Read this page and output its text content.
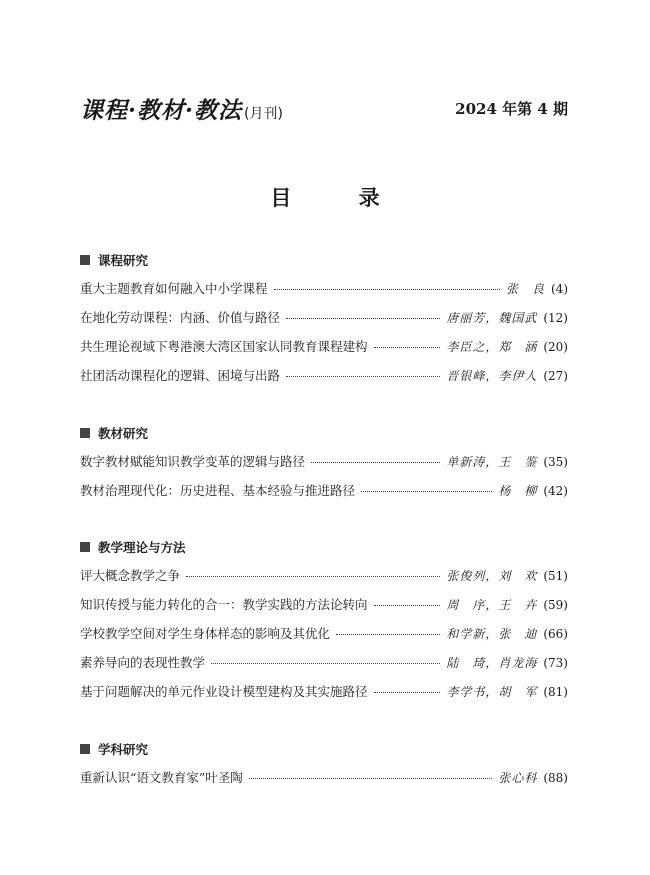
课程·教材·教法 (月刊)	2024 年第 4 期
目 录
课程研究
重大主题教育如何融入中小学课程	张　良 (4)
在地化劳动课程：内涵、价值与路径	唐丽芳，魏国武 (12)
共生理论视域下粤港澳大湾区国家认同教育课程建构	李臣之，郑　涵 (20)
社团活动课程化的逻辑、困境与出路	晋银峰，李伊人 (27)
教材研究
数字教材赋能知识教学变革的逻辑与路径	单新涛，王　鉴 (35)
教材治理现代化：历史进程、基本经验与推进路径	杨　柳 (42)
教学理论与方法
评大概念教学之争	张俊列，刘　欢 (51)
知识传授与能力转化的合一：教学实践的方法论转向	周　序，王　卉 (59)
学校教学空间对学生身体样态的影响及其优化	和学新，张　迪 (66)
素养导向的表现性教学	陆　琦，肖龙海 (73)
基于问题解决的单元作业设计模型建构及其实施路径	李学书，胡　军 (81)
学科研究
重新认识“语文教育家”叶圣陶	张心科 (88)
